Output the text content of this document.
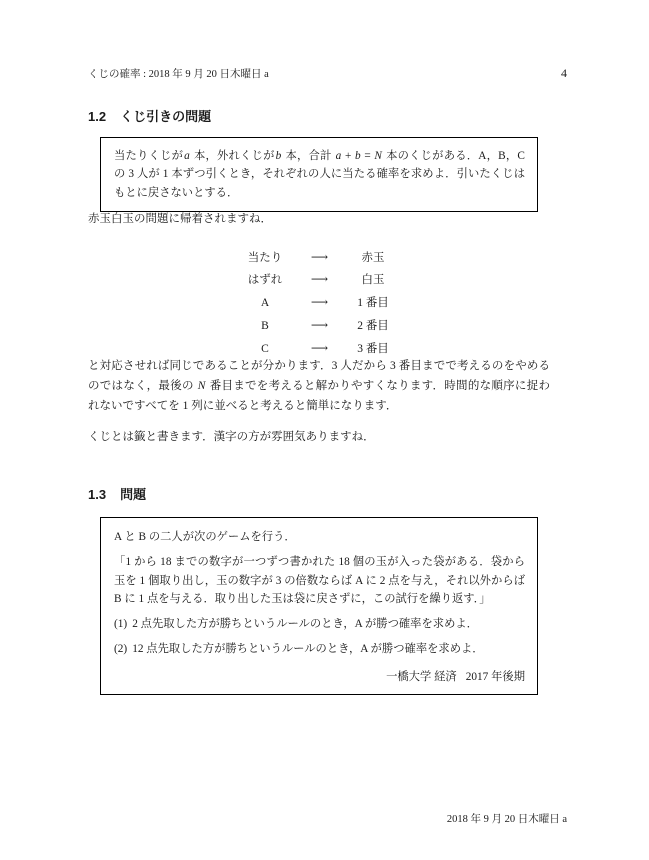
くじの確率 : 2018 年 9 月 20 日木曜日 a	4
1.2 くじ引きの問題

当たりくじがa 本，外れくじがb 本，合計 a + b = N 本のくじがある．A，B，C の 3 人が 1 本ずつ引くとき，それぞれの人に当たる確率を求めよ．引いたくじはもとに戻さないとする．

赤玉白玉の問題に帰着されますね．

当たり	⟶	赤玉
はずれ	⟶	白玉
A	⟶	1 番目
B	⟶	2 番目
C	⟶	3 番目

と対応させれば同じであることが分かります．3 人だから 3 番目までで考えるのをやめるのではなく，最後の N 番目までを考えると解かりやすくなります．時間的な順序に捉われないですべてを 1 列に並べると考えると簡単になります．

くじとは籤と書きます．漢字の方が雰囲気ありますね．

1.3 問題

A と B の二人が次のゲームを行う．

「1 から 18 までの数字が一つずつ書かれた 18 個の玉が入った袋がある．袋から玉を 1 個取り出し，玉の数字が 3 の倍数ならば A に 2 点を与え，それ以外からば B に 1 点を与える．取り出した玉は袋に戻さずに，この試行を繰り返す．」

(1) 2 点先取した方が勝ちというルールのとき，A が勝つ確率を求めよ．

(2) 12 点先取した方が勝ちというルールのとき，A が勝つ確率を求めよ．

一橋大学 経済 2017 年後期

2018 年 9 月 20 日木曜日 a
